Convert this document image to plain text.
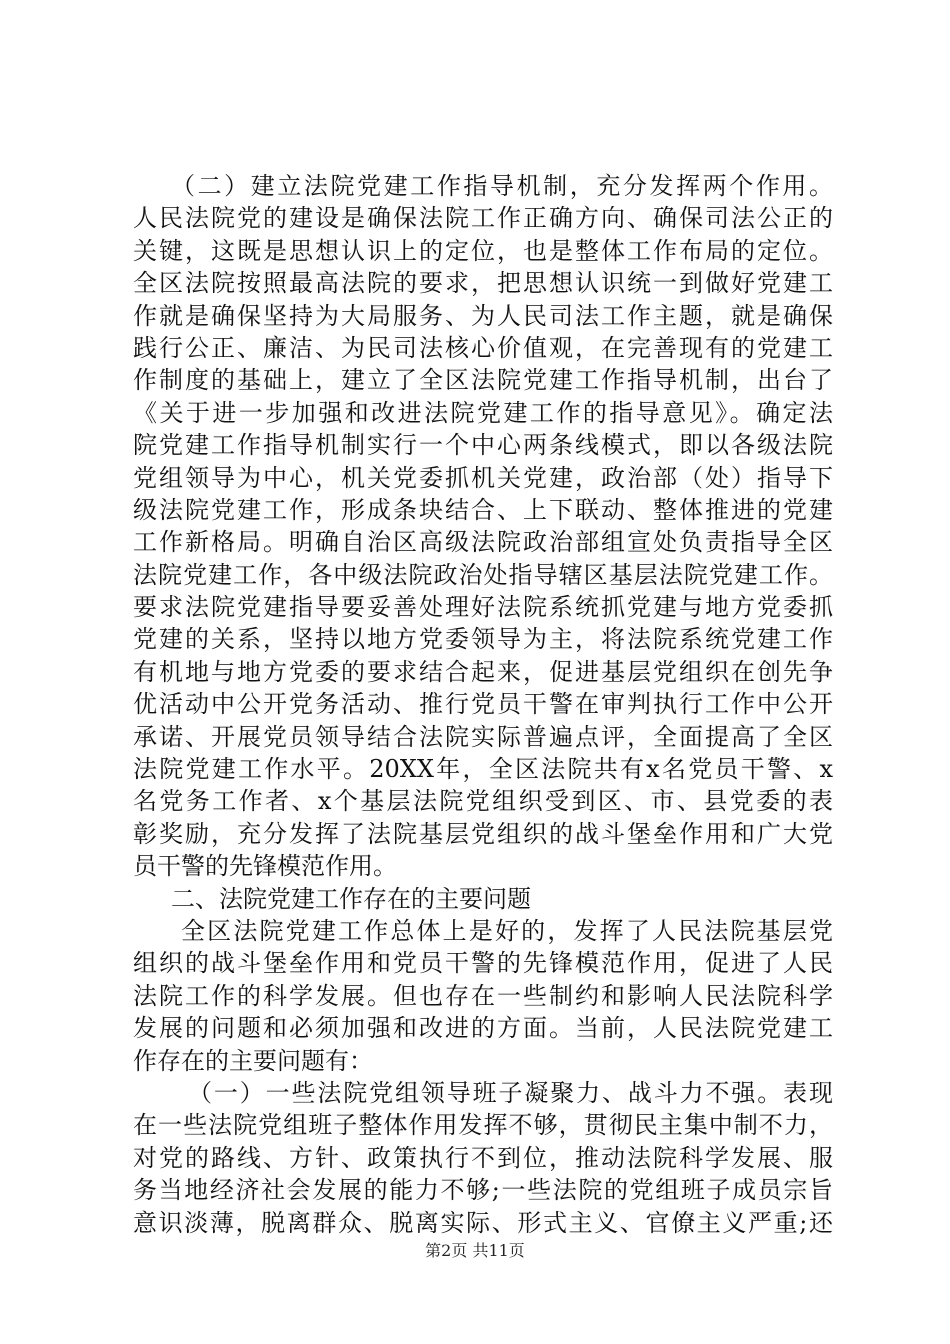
（二）建立法院党建工作指导机制，充分发挥两个作用。
人民法院党的建设是确保法院工作正确方向、确保司法公正的
关键，这既是思想认识上的定位，也是整体工作布局的定位。
全区法院按照最高法院的要求，把思想认识统一到做好党建工
作就是确保坚持为大局服务、为人民司法工作主题，就是确保
践行公正、廉洁、为民司法核心价值观，在完善现有的党建工
作制度的基础上，建立了全区法院党建工作指导机制，出台了
《关于进一步加强和改进法院党建工作的指导意见》。确定法
院党建工作指导机制实行一个中心两条线模式，即以各级法院
党组领导为中心，机关党委抓机关党建，政治部（处）指导下
级法院党建工作，形成条块结合、上下联动、整体推进的党建
工作新格局。明确自治区高级法院政治部组宣处负责指导全区
法院党建工作，各中级法院政治处指导辖区基层法院党建工作。
要求法院党建指导要妥善处理好法院系统抓党建与地方党委抓
党建的关系，坚持以地方党委领导为主，将法院系统党建工作
有机地与地方党委的要求结合起来，促进基层党组织在创先争
优活动中公开党务活动、推行党员干警在审判执行工作中公开
承诺、开展党员领导结合法院实际普遍点评，全面提高了全区
法院党建工作水平。20XX年，全区法院共有x名党员干警、x
名党务工作者、x个基层法院党组织受到区、市、县党委的表
彰奖励，充分发挥了法院基层党组织的战斗堡垒作用和广大党
员干警的先锋模范作用。
二、法院党建工作存在的主要问题
全区法院党建工作总体上是好的，发挥了人民法院基层党
组织的战斗堡垒作用和党员干警的先锋模范作用，促进了人民
法院工作的科学发展。但也存在一些制约和影响人民法院科学
发展的问题和必须加强和改进的方面。当前，人民法院党建工
作存在的主要问题有：
（一）一些法院党组领导班子凝聚力、战斗力不强。表现
在一些法院党组班子整体作用发挥不够，贯彻民主集中制不力，
对党的路线、方针、政策执行不到位，推动法院科学发展、服
务当地经济社会发展的能力不够;一些法院的党组班子成员宗旨
意识淡薄，脱离群众、脱离实际、形式主义、官僚主义严重;还
第2页 共11页
